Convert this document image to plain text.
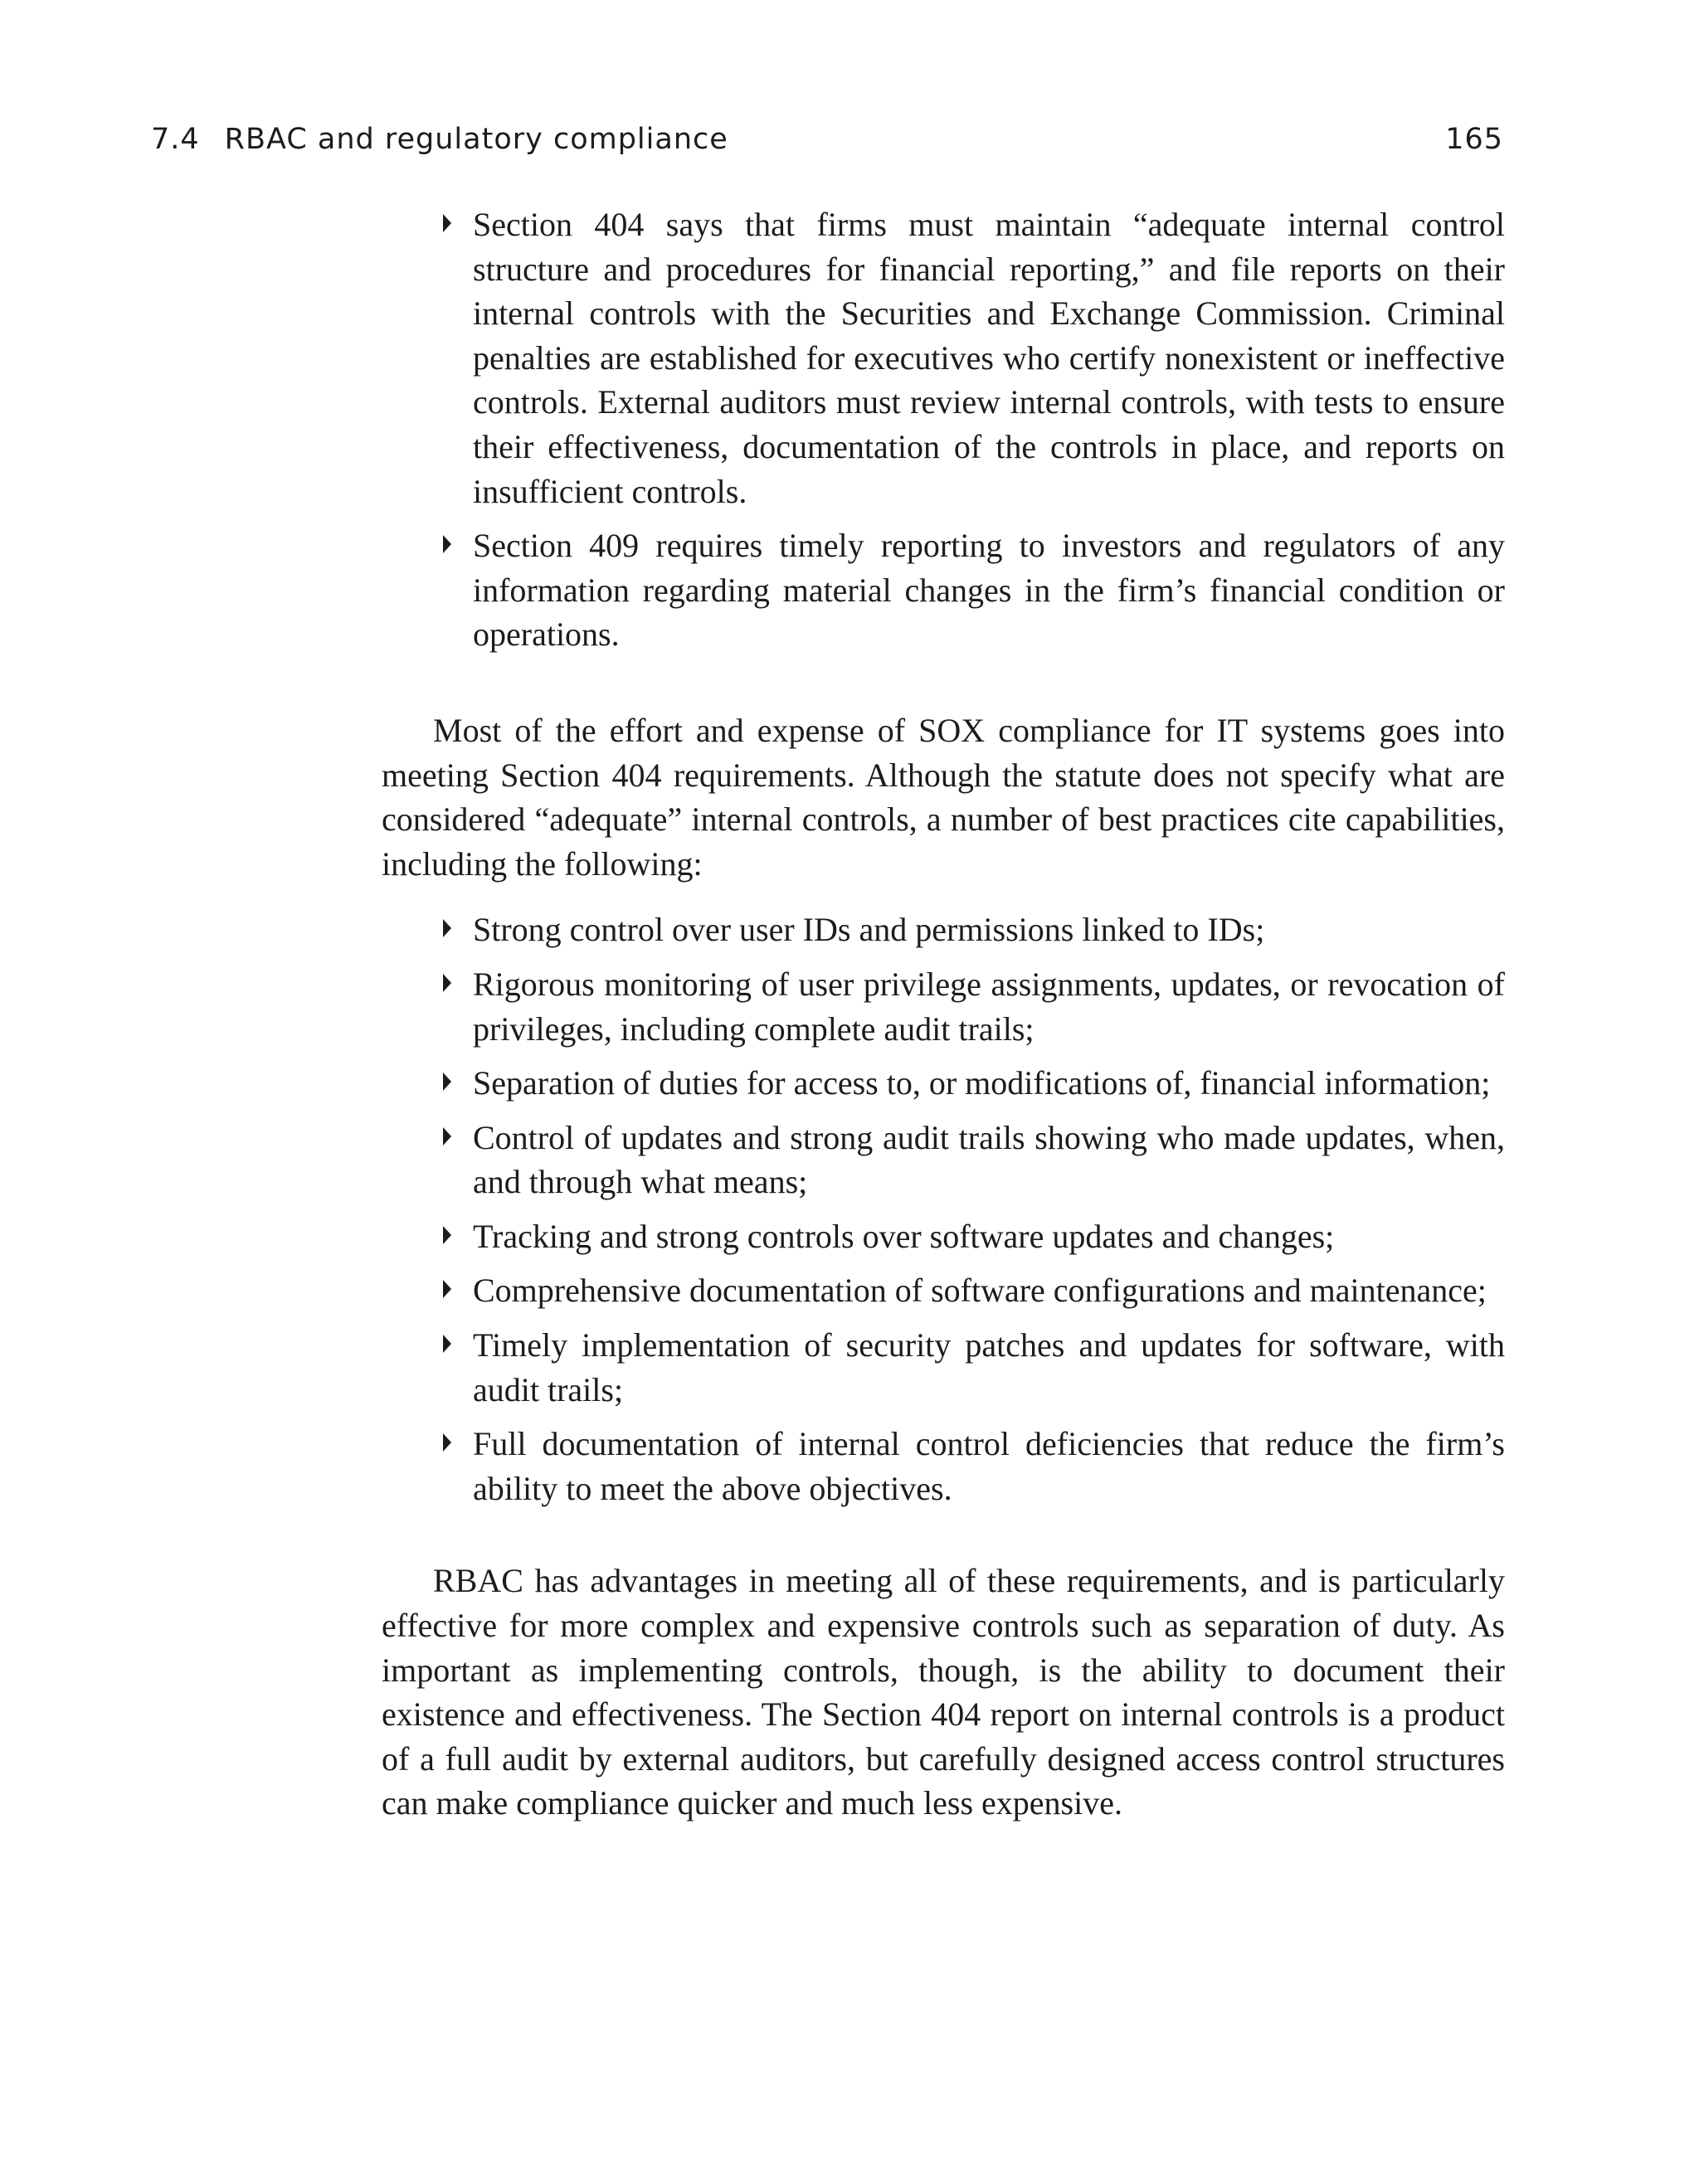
7.4 RBAC and regulatory compliance	165
Section 404 says that firms must maintain “adequate internal control structure and procedures for financial reporting,” and file reports on their internal controls with the Securities and Exchange Commission. Criminal penalties are established for executives who certify nonexistent or ineffective controls. External auditors must review internal controls, with tests to ensure their effectiveness, documentation of the controls in place, and reports on insufficient controls.
Section 409 requires timely reporting to investors and regulators of any information regarding material changes in the firm’s financial condition or operations.

Most of the effort and expense of SOX compliance for IT systems goes into meeting Section 404 requirements. Although the statute does not specify what are considered “adequate” internal controls, a number of best practices cite capabilities, including the following:

Strong control over user IDs and permissions linked to IDs;
Rigorous monitoring of user privilege assignments, updates, or revocation of privileges, including complete audit trails;
Separation of duties for access to, or modifications of, financial information;
Control of updates and strong audit trails showing who made updates, when, and through what means;
Tracking and strong controls over software updates and changes;
Comprehensive documentation of software configurations and maintenance;
Timely implementation of security patches and updates for software, with audit trails;
Full documentation of internal control deficiencies that reduce the firm’s ability to meet the above objectives.

RBAC has advantages in meeting all of these requirements, and is particularly effective for more complex and expensive controls such as separation of duty. As important as implementing controls, though, is the ability to document their existence and effectiveness. The Section 404 report on internal controls is a product of a full audit by external auditors, but carefully designed access control structures can make compliance quicker and much less expensive.
